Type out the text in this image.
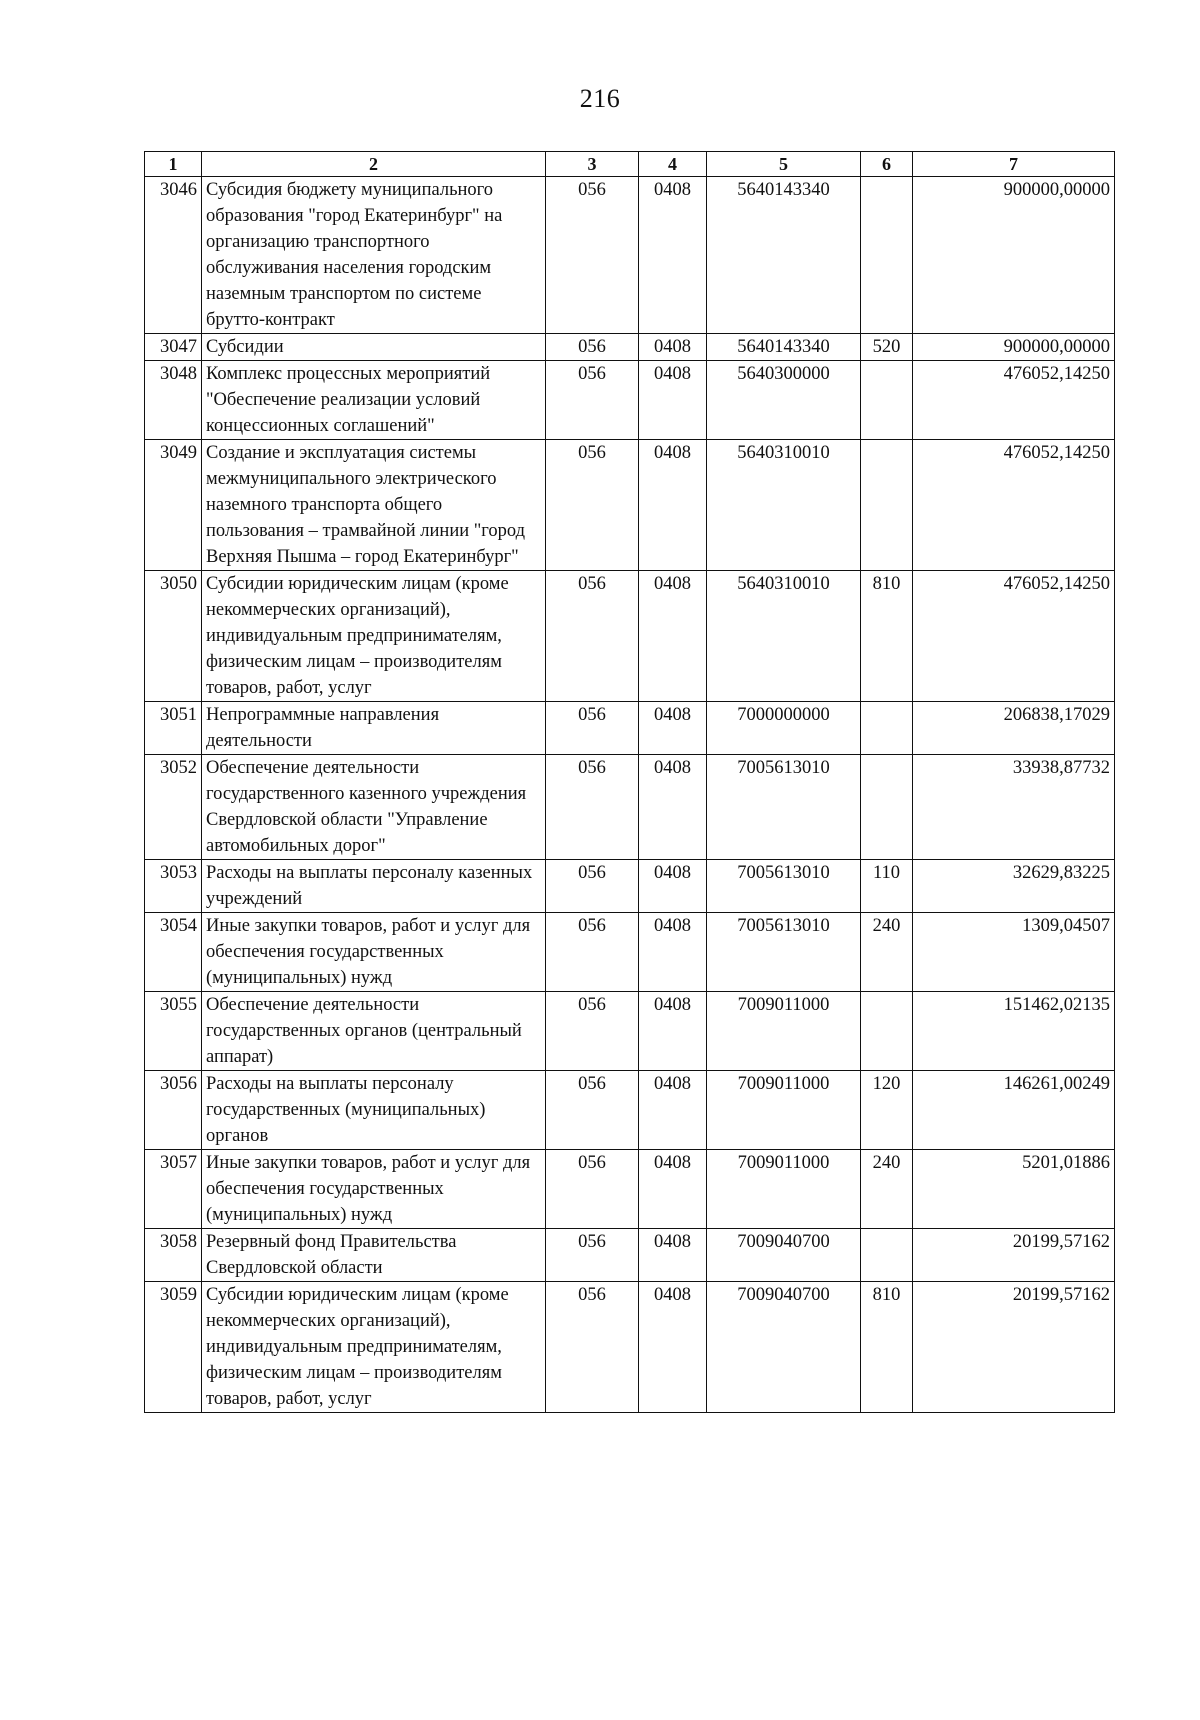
216
1	2	3	4	5	6	7
3046	Субсидия бюджету муниципального образования "город Екатеринбург" на организацию транспортного обслуживания населения городским наземным транспортом по системе брутто-контракт	056	0408	5640143340		900000,00000
3047	Субсидии	056	0408	5640143340	520	900000,00000
3048	Комплекс процессных мероприятий "Обеспечение реализации условий концессионных соглашений"	056	0408	5640300000		476052,14250
3049	Создание и эксплуатация системы межмуниципального электрического наземного транспорта общего пользования – трамвайной линии "город Верхняя Пышма – город Екатеринбург"	056	0408	5640310010		476052,14250
3050	Субсидии юридическим лицам (кроме некоммерческих организаций), индивидуальным предпринимателям, физическим лицам – производителям товаров, работ, услуг	056	0408	5640310010	810	476052,14250
3051	Непрограммные направления деятельности	056	0408	7000000000		206838,17029
3052	Обеспечение деятельности государственного казенного учреждения Свердловской области "Управление автомобильных дорог"	056	0408	7005613010		33938,87732
3053	Расходы на выплаты персоналу казенных учреждений	056	0408	7005613010	110	32629,83225
3054	Иные закупки товаров, работ и услуг для обеспечения государственных (муниципальных) нужд	056	0408	7005613010	240	1309,04507
3055	Обеспечение деятельности государственных органов (центральный аппарат)	056	0408	7009011000		151462,02135
3056	Расходы на выплаты персоналу государственных (муниципальных) органов	056	0408	7009011000	120	146261,00249
3057	Иные закупки товаров, работ и услуг для обеспечения государственных (муниципальных) нужд	056	0408	7009011000	240	5201,01886
3058	Резервный фонд Правительства Свердловской области	056	0408	7009040700		20199,57162
3059	Субсидии юридическим лицам (кроме некоммерческих организаций), индивидуальным предпринимателям, физическим лицам – производителям товаров, работ, услуг	056	0408	7009040700	810	20199,57162
